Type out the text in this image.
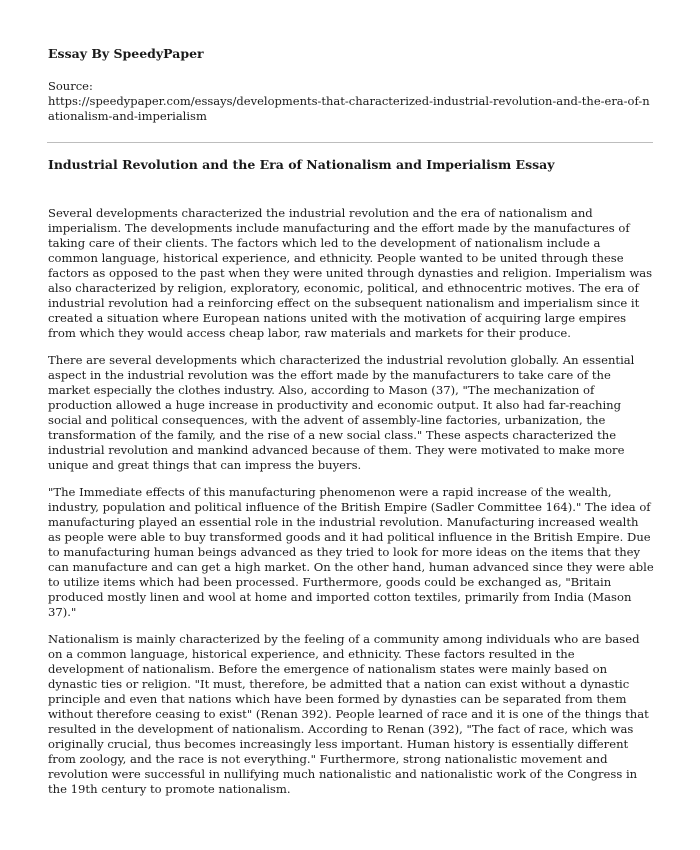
Essay By SpeedyPaper

Source:

https://speedypaper.com/essays/developments-that-characterized-industrial-revolution-and-the-era-of-nationalism-and-imperialism

Industrial Revolution and the Era of Nationalism and Imperialism Essay

Several developments characterized the industrial revolution and the era of nationalism and imperialism. The developments include manufacturing and the effort made by the manufactures of taking care of their clients. The factors which led to the development of nationalism include a common language, historical experience, and ethnicity. People wanted to be united through these factors as opposed to the past when they were united through dynasties and religion. Imperialism was also characterized by religion, exploratory, economic, political, and ethnocentric motives. The era of industrial revolution had a reinforcing effect on the subsequent nationalism and imperialism since it created a situation where European nations united with the motivation of acquiring large empires from which they would access cheap labor, raw materials and markets for their produce.

There are several developments which characterized the industrial revolution globally. An essential aspect in the industrial revolution was the effort made by the manufacturers to take care of the market especially the clothes industry. Also, according to Mason (37), "The mechanization of production allowed a huge increase in productivity and economic output. It also had far-reaching social and political consequences, with the advent of assembly-line factories, urbanization, the transformation of the family, and the rise of a new social class." These aspects characterized the industrial revolution and mankind advanced because of them. They were motivated to make more unique and great things that can impress the buyers.

"The Immediate effects of this manufacturing phenomenon were a rapid increase of the wealth, industry, population and political influence of the British Empire (Sadler Committee 164)." The idea of manufacturing played an essential role in the industrial revolution. Manufacturing increased wealth as people were able to buy transformed goods and it had political influence in the British Empire. Due to manufacturing human beings advanced as they tried to look for more ideas on the items that they can manufacture and can get a high market. On the other hand, human advanced since they were able to utilize items which had been processed. Furthermore, goods could be exchanged as, "Britain produced mostly linen and wool at home and imported cotton textiles, primarily from India (Mason 37)."

Nationalism is mainly characterized by the feeling of a community among individuals who are based on a common language, historical experience, and ethnicity. These factors resulted in the development of nationalism. Before the emergence of nationalism states were mainly based on dynastic ties or religion. "It must, therefore, be admitted that a nation can exist without a dynastic principle and even that nations which have been formed by dynasties can be separated from them without therefore ceasing to exist" (Renan 392). People learned of race and it is one of the things that resulted in the development of nationalism. According to Renan (392), "The fact of race, which was originally crucial, thus becomes increasingly less important. Human history is essentially different from zoology, and the race is not everything." Furthermore, strong nationalistic movement and revolution were successful in nullifying much nationalistic and nationalistic work of the Congress in the 19th century to promote nationalism.
